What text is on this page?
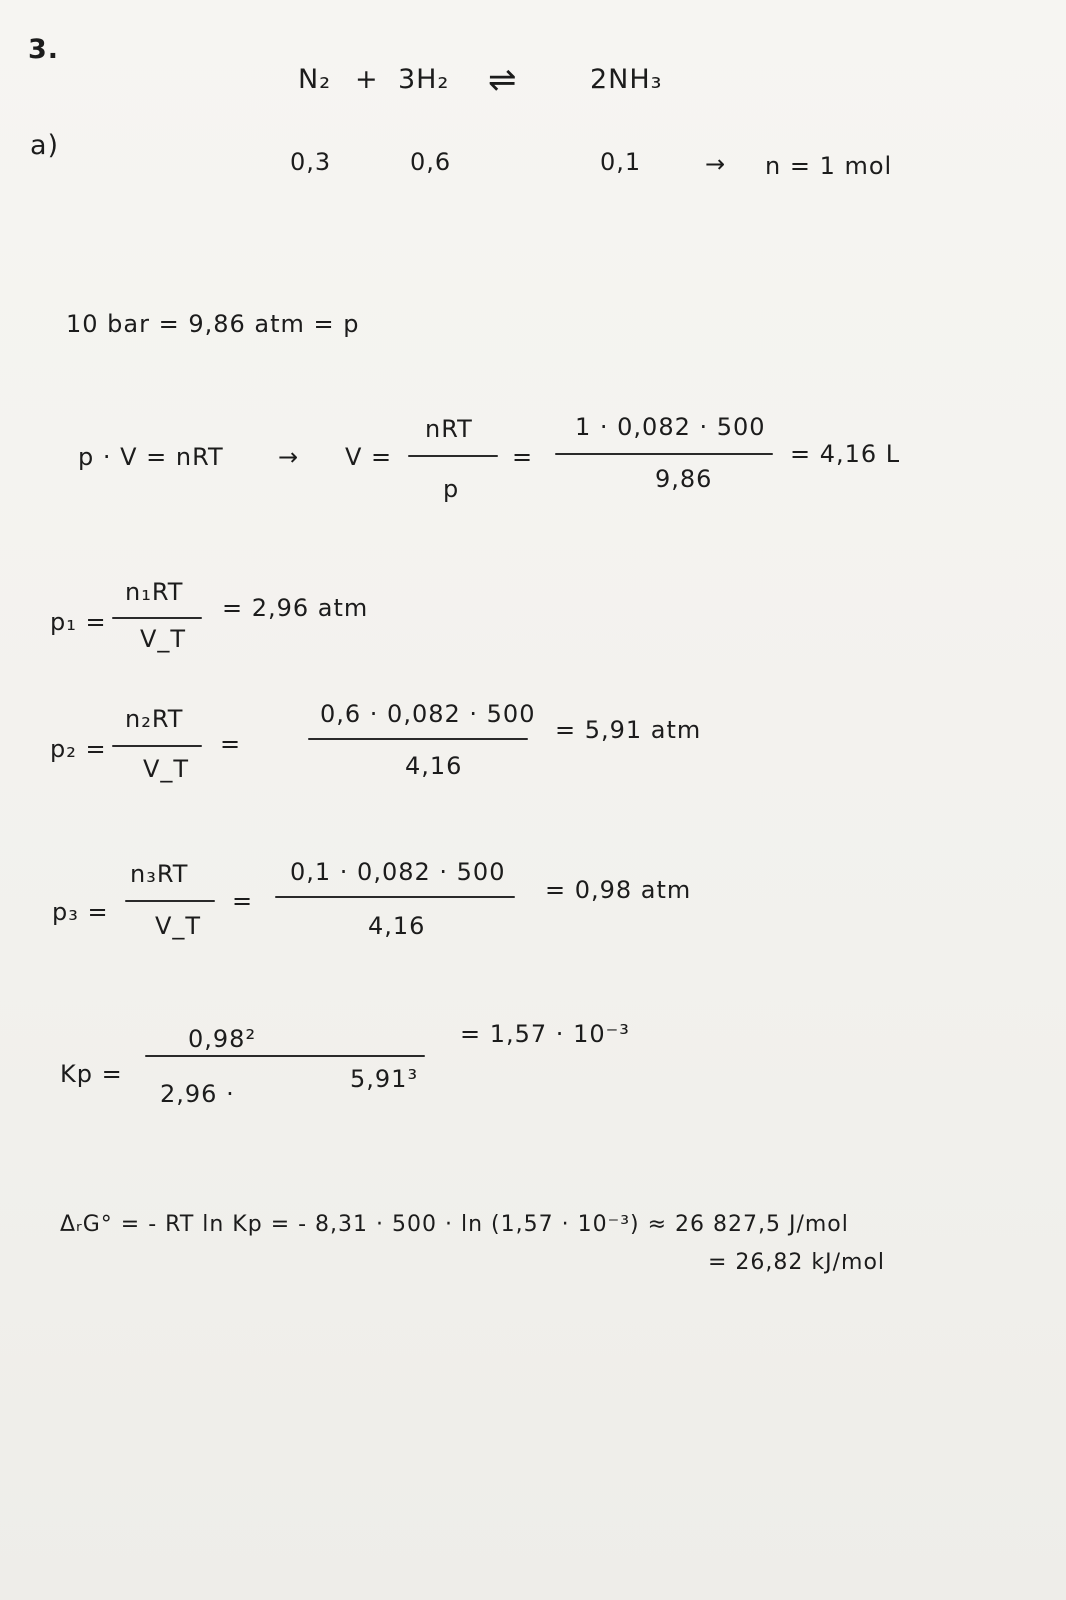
3.
N₂ + 3H₂ ⇌	2NH₃
a)
0,3	0,6	0,1	→ n = 1 mol
10 bar = 9,86 atm = p
p · V = nRT → V =
nRT
p
=
1 · 0,082 · 500
9,86
= 4,16 L
p₁ =
n₁RT
V_T
= 2,96 atm
p₂ =
n₂RT
V_T
=
0,6 · 0,082 · 500
4,16
= 5,91 atm
p₃ =
n₃RT
V_T
=
0,1 · 0,082 · 500
4,16
= 0,98 atm
Kp =
0,98²
2,96 ·
5,91³
= 1,57 · 10⁻³
ΔᵣG° = - RT ln Kp = - 8,31 · 500 · ln (1,57 · 10⁻³) ≈ 26 827,5 J/mol
= 26,82 kJ/mol
